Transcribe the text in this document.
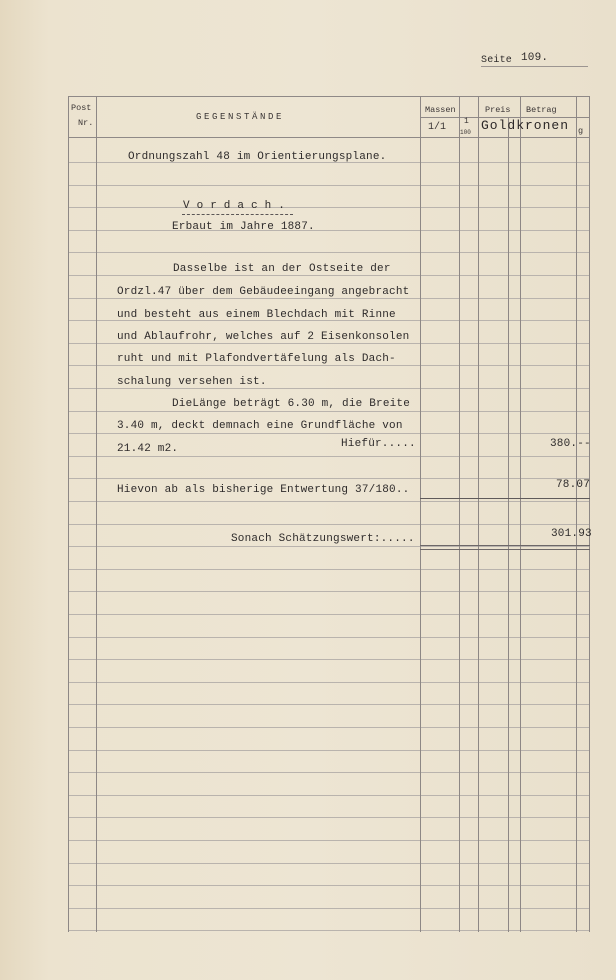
Seite 109.
Post
Nr.
GEGENSTÄNDE
Massen	Preis Betrag
1/1
1
100 Goldkronen g
Ordnungszahl 48 im Orientierungsplane.
V o r d a c h .
Erbaut im Jahre 1887.
Dasselbe ist an der Ostseite der
Ordzl.47 über dem Gebäudeeingang angebracht
und besteht aus einem Blechdach mit Rinne
und Ablaufrohr, welches auf 2 Eisenkonsolen
ruht und mit Plafondvertäfelung als Dach-
schalung versehen ist.
DieLänge beträgt 6.30 m, die Breite
3.40 m, deckt demnach eine Grundfläche von
21.42 m2.	Hiefür.....
Hievon ab als bisherige Entwertung 37/180..
Sonach Schätzungswert:.....
380.--
78.07
301.93
